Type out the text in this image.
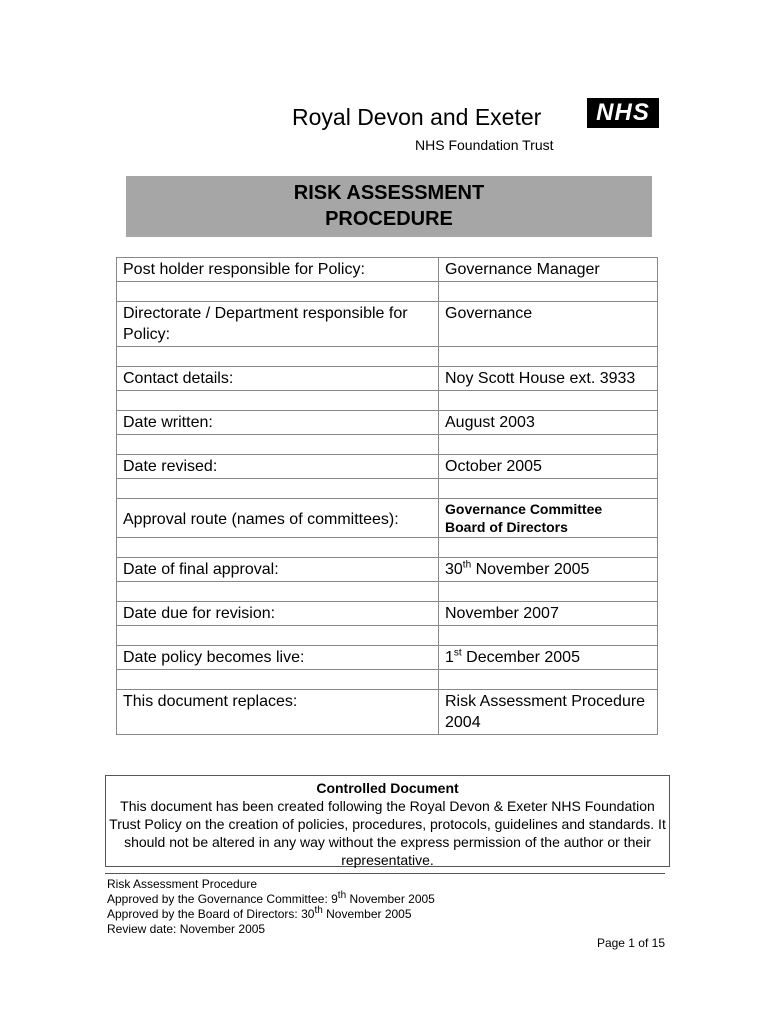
Royal Devon and Exeter
NHS Foundation Trust
NHS
RISK ASSESSMENT
PROCEDURE
Post holder responsible for Policy:	Governance Manager

Directorate / Department responsible for Policy:	Governance

Contact details:	Noy Scott House ext. 3933

Date written:	August 2003

Date revised:	October 2005

Approval route (names of committees):	Governance Committee
Board of Directors

Date of final approval:	30th November 2005

Date due for revision:	November 2007

Date policy becomes live:	1st December 2005

This document replaces:	Risk Assessment Procedure 2004
Controlled Document
This document has been created following the Royal Devon & Exeter NHS Foundation Trust Policy on the creation of policies, procedures, protocols, guidelines and standards. It should not be altered in any way without the express permission of the author or their representative.
Risk Assessment Procedure
Approved by the Governance Committee: 9th November 2005
Approved by the Board of Directors: 30th November 2005
Review date: November 2005
Page 1 of 15
